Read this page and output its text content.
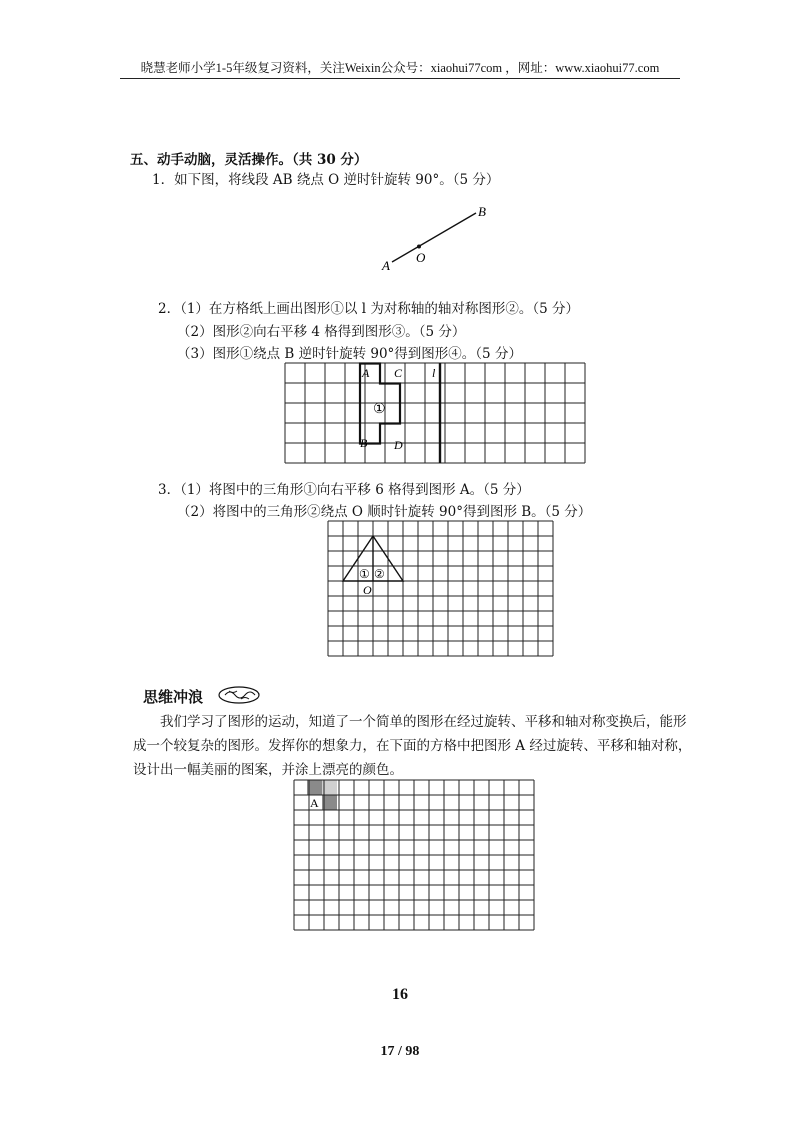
晓慧老师小学1-5年级复习资料，关注Weixin公众号：xiaohui77com ，网址：www.xiaohui77.com
五、动手动脑，灵活操作。（共 30 分）
1．如下图，将线段 AB 绕点 O 逆时针旋转 90°。（5 分）
A
O
B
2．（1）在方格纸上画出图形①以 l 为对称轴的轴对称图形②。（5 分）
（2）图形②向右平移 4 格得到图形③。（5 分）
（3）图形①绕点 B 逆时针旋转 90°得到图形④。（5 分）
A C l
①
B D
3．（1）将图中的三角形①向右平移 6 格得到图形 A。（5 分）
（2）将图中的三角形②绕点 O 顺时针旋转 90°得到图形 B。（5 分）
① ②
O
思维冲浪
我们学习了图形的运动，知道了一个简单的图形在经过旋转、平移和轴对称变换后，能形
成一个较复杂的图形。发挥你的想象力，在下面的方格中把图形 A 经过旋转、平移和轴对称，
设计出一幅美丽的图案，并涂上漂亮的颜色。
A
16
17 / 98
